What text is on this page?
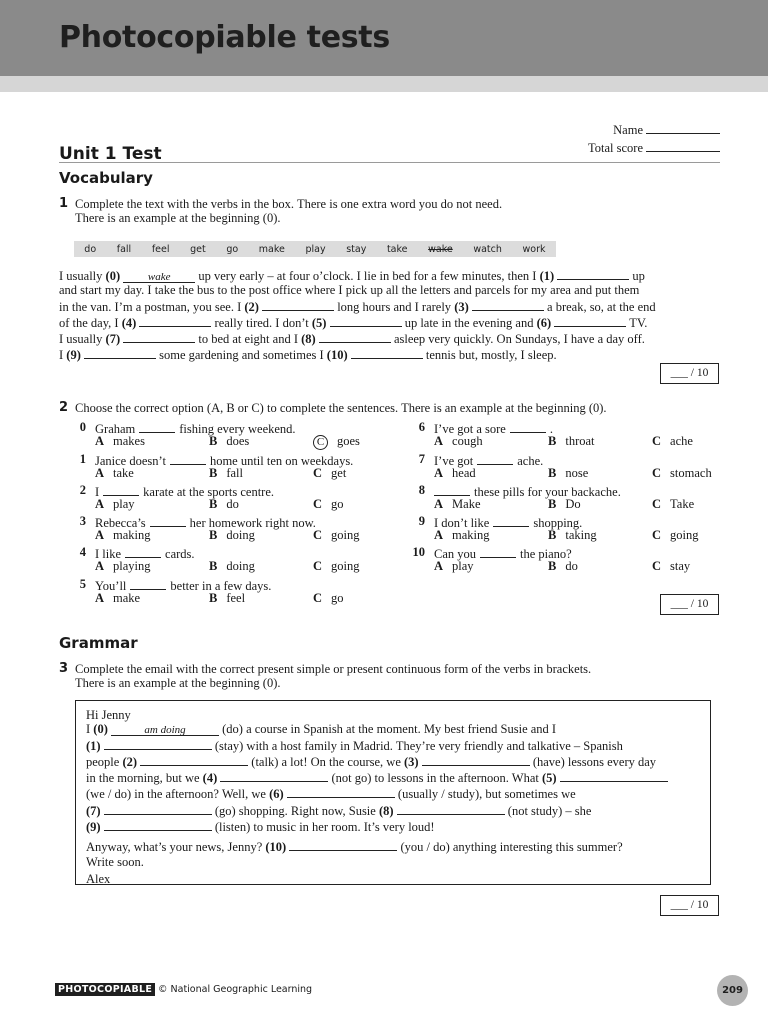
Photocopiable tests
Name
Total score
Unit 1 Test
Vocabulary
1 Complete the text with the verbs in the box. There is one extra word you do not need.
There is an example at the beginning (0).
do fall feel get go make play stay take wake watch work
I usually (0)	wake up very early – at four o’clock. I lie in bed for a few minutes, then I (1)	up
and start my day. I take the bus to the post office where I pick up all the letters and parcels for my area and put them
in the van. I’m a postman, you see. I (2)	long hours and I rarely (3)	a break, so, at the end
of the day, I (4)	really tired. I don’t (5)	up late in the evening and (6)	TV.
I usually (7)	to bed at eight and I (8)	asleep very quickly. On Sundays, I have a day off.
I (9)	some gardening and sometimes I (10)	tennis but, mostly, I sleep.
___ / 10
2 Choose the correct option (A, B or C) to complete the sentences. There is an example at the beginning (0).
0 Graham	fishing every weekend.
A makes	B does	C goes
1 Janice doesn’t	home until ten on weekdays.
A take	B fall	C get
2 I	karate at the sports centre.
A play	B do	C go
3 Rebecca’s	her homework right now.
A making	B doing	C going
4 I like	cards.
A playing	B doing	C going
5 You’ll	better in a few days.
A make	B feel	C go
6 I’ve got a sore	.
A cough	B throat	C ache
7 I’ve got	ache.
A head	B nose	C stomach
8	these pills for your backache.
A Make	B Do	C Take
9 I don’t like	shopping.
A making	B taking	C going
10 Can you	the piano?
A play	B do	C stay
___ / 10
Grammar
3 Complete the email with the correct present simple or present continuous form of the verbs in brackets.
There is an example at the beginning (0).
Hi Jenny
I (0)	am doing	(do) a course in Spanish at the moment. My best friend Susie and I
(1)	(stay) with a host family in Madrid. They’re very friendly and talkative – Spanish
people (2)	(talk) a lot! On the course, we (3)	(have) lessons every day
in the morning, but we (4)	(not go) to lessons in the afternoon. What (5)
(we / do) in the afternoon? Well, we (6)	(usually / study), but sometimes we
(7)	(go) shopping. Right now, Susie (8)	(not study) – she
(9)	(listen) to music in her room. It’s very loud!
Anyway, what’s your news, Jenny? (10)	(you / do) anything interesting this summer?
Write soon.
Alex
___ / 10
PHOTOCOPIABLE © National Geographic Learning	209
